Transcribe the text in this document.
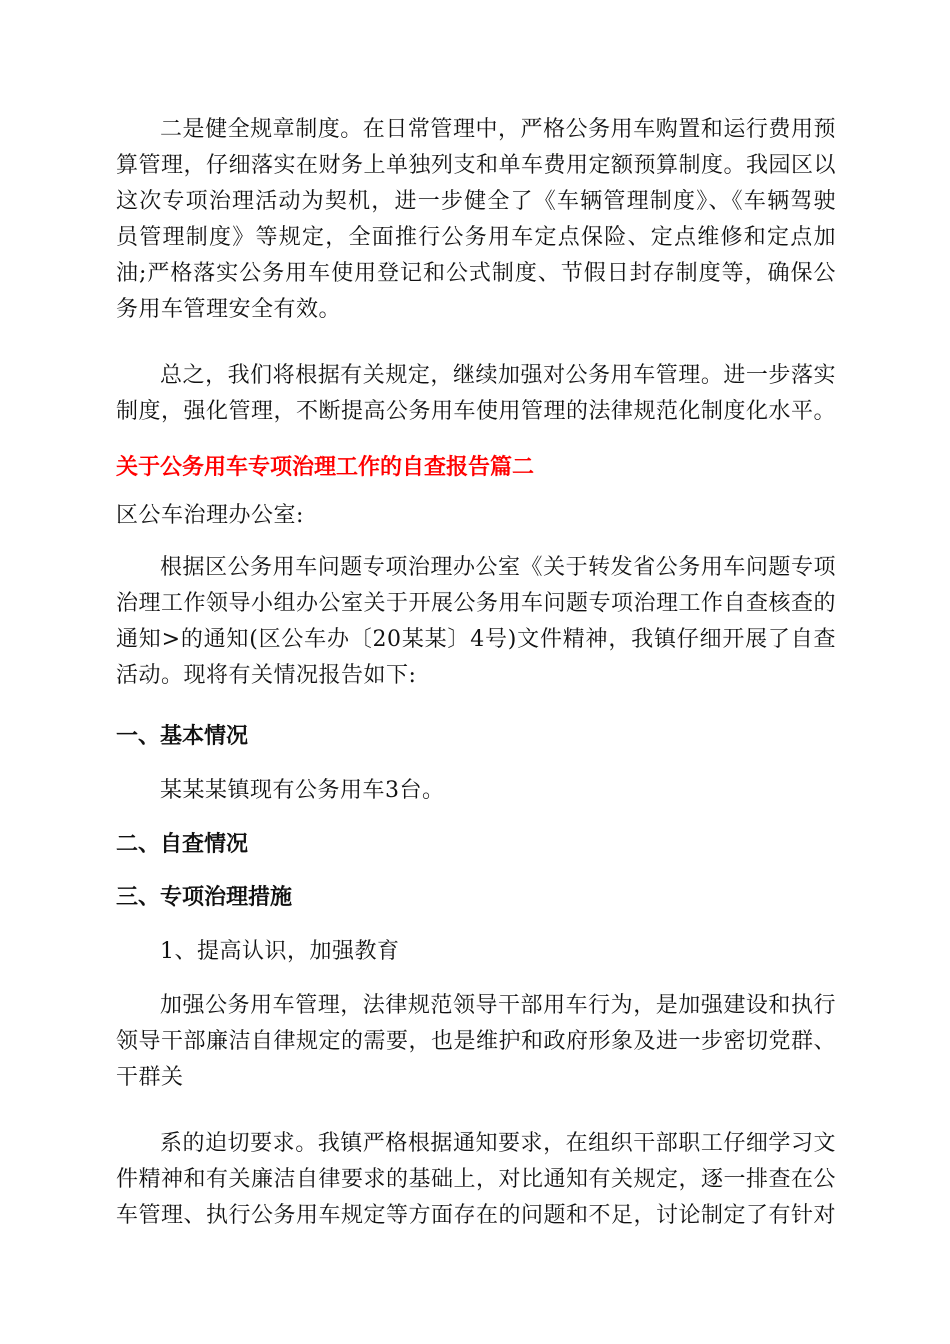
二是健全规章制度。在日常管理中，严格公务用车购置和运行费用预算管理，仔细落实在财务上单独列支和单车费用定额预算制度。我园区以这次专项治理活动为契机，进一步健全了《车辆管理制度》、《车辆驾驶员管理制度》等规定，全面推行公务用车定点保险、定点维修和定点加油;严格落实公务用车使用登记和公式制度、节假日封存制度等，确保公务用车管理安全有效。

总之，我们将根据有关规定，继续加强对公务用车管理。进一步落实制度，强化管理，不断提高公务用车使用管理的法律规范化制度化水平。

关于公务用车专项治理工作的自查报告篇二

区公车治理办公室:

根据区公务用车问题专项治理办公室《关于转发省公务用车问题专项治理工作领导小组办公室关于开展公务用车问题专项治理工作自查核查的通知>的通知(区公车办〔20某某〕4号)文件精神，我镇仔细开展了自查活动。现将有关情况报告如下:

一、基本情况

某某某镇现有公务用车3台。

二、自查情况
三、专项治理措施

1、提高认识，加强教育

加强公务用车管理，法律规范领导干部用车行为，是加强建设和执行领导干部廉洁自律规定的需要，也是维护和政府形象及进一步密切党群、干群关

系的迫切要求。我镇严格根据通知要求，在组织干部职工仔细学习文件精神和有关廉洁自律要求的基础上，对比通知有关规定，逐一排查在公车管理、执行公务用车规定等方面存在的问题和不足，讨论制定了有针对
